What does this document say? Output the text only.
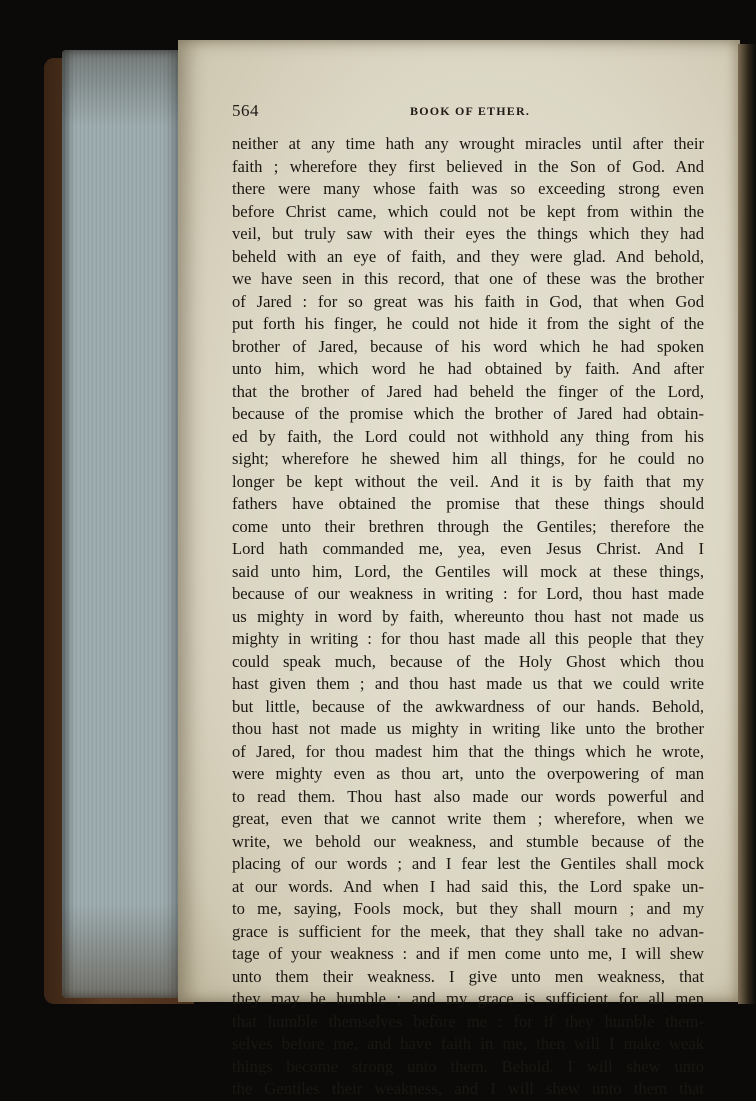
564	BOOK OF ETHER.
neither at any time hath any wrought miracles until after their
faith ; wherefore they first believed in the Son of God. And
there were many whose faith was so exceeding strong even
before Christ came, which could not be kept from within the
veil, but truly saw with their eyes the things which they had
beheld with an eye of faith, and they were glad. And behold,
we have seen in this record, that one of these was the brother
of Jared : for so great was his faith in God, that when God
put forth his finger, he could not hide it from the sight of the
brother of Jared, because of his word which he had spoken
unto him, which word he had obtained by faith. And after
that the brother of Jared had beheld the finger of the Lord,
because of the promise which the brother of Jared had obtain-
ed by faith, the Lord could not withhold any thing from his
sight; wherefore he shewed him all things, for he could no
longer be kept without the veil. And it is by faith that my
fathers have obtained the promise that these things should
come unto their brethren through the Gentiles; therefore the
Lord hath commanded me, yea, even Jesus Christ. And I
said unto him, Lord, the Gentiles will mock at these things,
because of our weakness in writing : for Lord, thou hast made
us mighty in word by faith, whereunto thou hast not made us
mighty in writing : for thou hast made all this people that they
could speak much, because of the Holy Ghost which thou
hast given them ; and thou hast made us that we could write
but little, because of the awkwardness of our hands. Behold,
thou hast not made us mighty in writing like unto the brother
of Jared, for thou madest him that the things which he wrote,
were mighty even as thou art, unto the overpowering of man
to read them. Thou hast also made our words powerful and
great, even that we cannot write them ; wherefore, when we
write, we behold our weakness, and stumble because of the
placing of our words ; and I fear lest the Gentiles shall mock
at our words. And when I had said this, the Lord spake un-
to me, saying, Fools mock, but they shall mourn ; and my
grace is sufficient for the meek, that they shall take no advan-
tage of your weakness : and if men come unto me, I will shew
unto them their weakness. I give unto men weakness, that
they may be humble ; and my grace is sufficient for all men
that humble themselves before me : for if they humble them-
selves before me, and have faith in me, then will I make weak
things become strong unto them. Behold, I will shew unto
the Gentiles their weakness, and I will shew unto them that
